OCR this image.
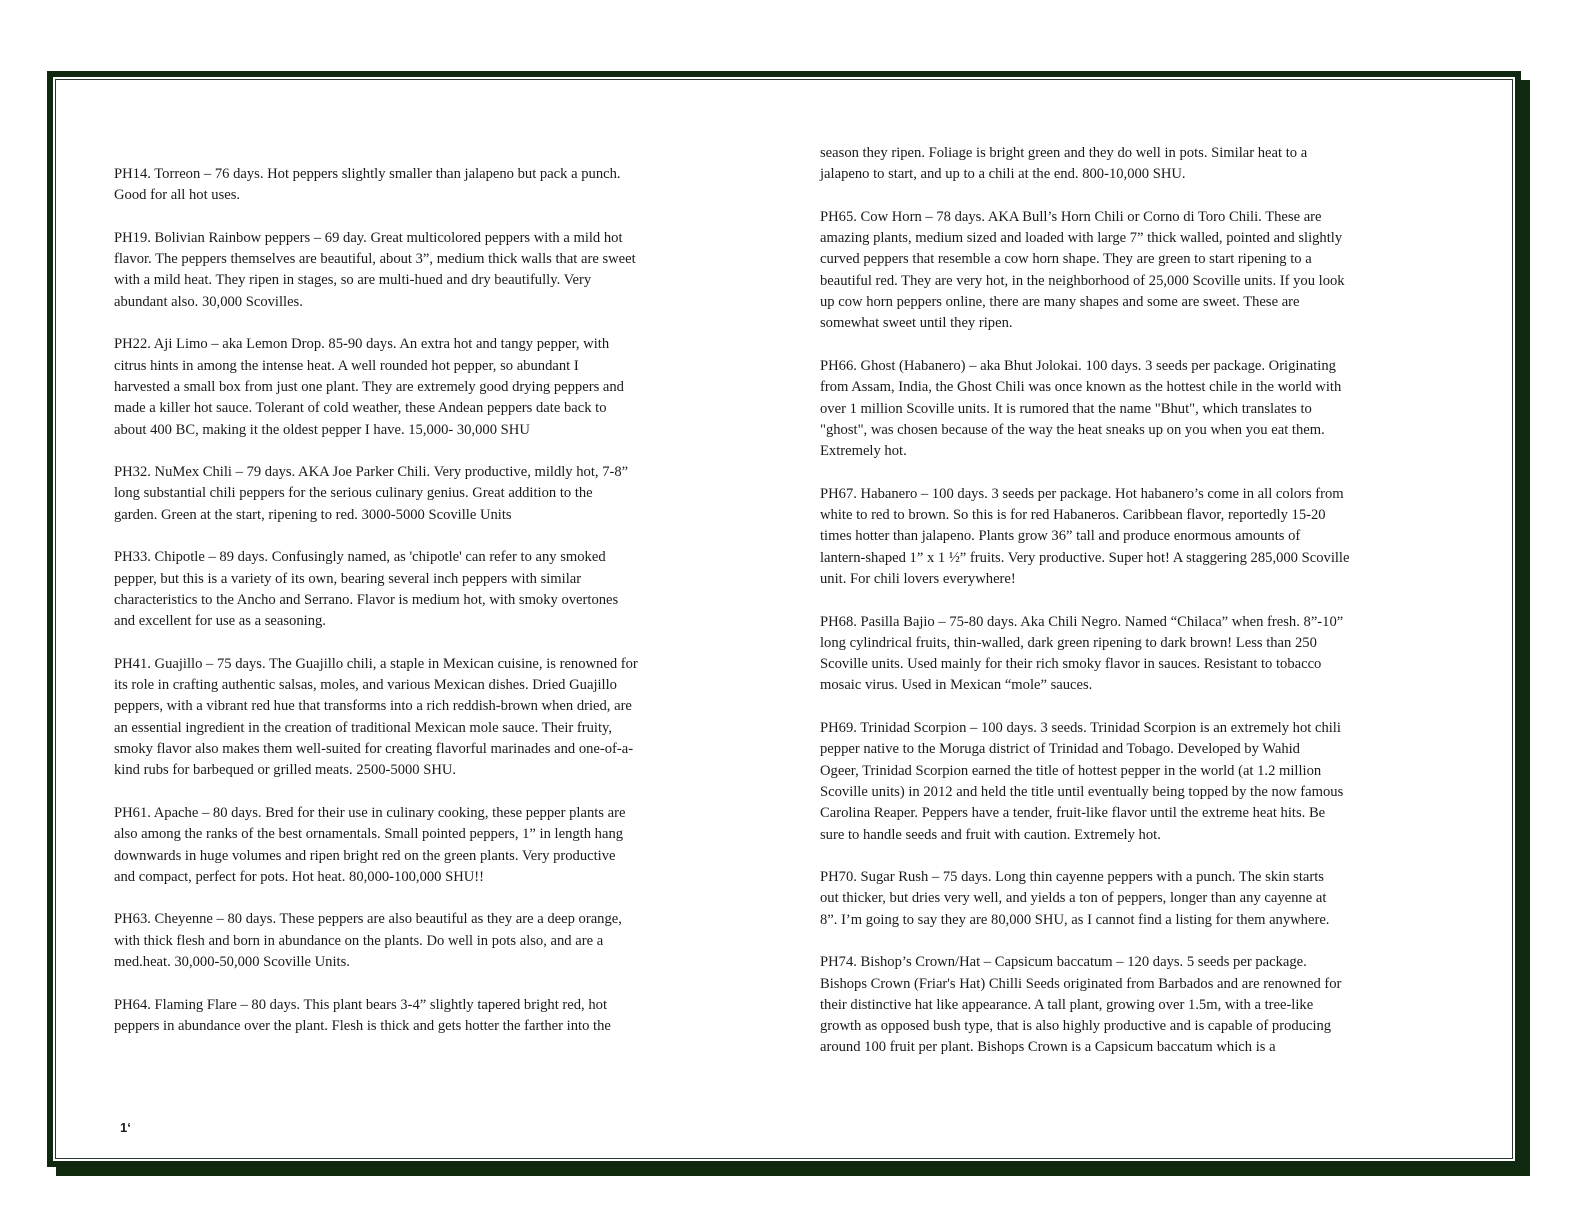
PH14. Torreon – 76 days. Hot peppers slightly smaller than jalapeno but pack a punch.
Good for all hot uses.

PH19. Bolivian Rainbow peppers – 69 day. Great multicolored peppers with a mild hot
flavor. The peppers themselves are beautiful, about 3”, medium thick walls that are sweet
with a mild heat. They ripen in stages, so are multi-hued and dry beautifully. Very
abundant also. 30,000 Scovilles.

PH22. Aji Limo – aka Lemon Drop. 85-90 days. An extra hot and tangy pepper, with
citrus hints in among the intense heat. A well rounded hot pepper, so abundant I
harvested a small box from just one plant. They are extremely good drying peppers and
made a killer hot sauce. Tolerant of cold weather, these Andean peppers date back to
about 400 BC, making it the oldest pepper I have. 15,000- 30,000 SHU

PH32. NuMex Chili – 79 days. AKA Joe Parker Chili. Very productive, mildly hot, 7-8”
long substantial chili peppers for the serious culinary genius. Great addition to the
garden. Green at the start, ripening to red. 3000-5000 Scoville Units

PH33. Chipotle – 89 days. Confusingly named, as 'chipotle' can refer to any smoked
pepper, but this is a variety of its own, bearing several inch peppers with similar
characteristics to the Ancho and Serrano. Flavor is medium hot, with smoky overtones
and excellent for use as a seasoning.

PH41. Guajillo – 75 days. The Guajillo chili, a staple in Mexican cuisine, is renowned for
its role in crafting authentic salsas, moles, and various Mexican dishes. Dried Guajillo
peppers, with a vibrant red hue that transforms into a rich reddish-brown when dried, are
an essential ingredient in the creation of traditional Mexican mole sauce. Their fruity,
smoky flavor also makes them well-suited for creating flavorful marinades and one-of-a-
kind rubs for barbequed or grilled meats. 2500-5000 SHU.

PH61. Apache – 80 days. Bred for their use in culinary cooking, these pepper plants are
also among the ranks of the best ornamentals. Small pointed peppers, 1” in length hang
downwards in huge volumes and ripen bright red on the green plants. Very productive
and compact, perfect for pots. Hot heat. 80,000-100,000 SHU!!

PH63. Cheyenne – 80 days. These peppers are also beautiful as they are a deep orange,
with thick flesh and born in abundance on the plants. Do well in pots also, and are a
med.heat. 30,000-50,000 Scoville Units.

PH64. Flaming Flare – 80 days. This plant bears 3-4” slightly tapered bright red, hot
peppers in abundance over the plant. Flesh is thick and gets hotter the farther into the

season they ripen. Foliage is bright green and they do well in pots. Similar heat to a
jalapeno to start, and up to a chili at the end. 800-10,000 SHU.

PH65. Cow Horn – 78 days. AKA Bull’s Horn Chili or Corno di Toro Chili. These are
amazing plants, medium sized and loaded with large 7” thick walled, pointed and slightly
curved peppers that resemble a cow horn shape. They are green to start ripening to a
beautiful red. They are very hot, in the neighborhood of 25,000 Scoville units. If you look
up cow horn peppers online, there are many shapes and some are sweet. These are
somewhat sweet until they ripen.

PH66. Ghost (Habanero) – aka Bhut Jolokai. 100 days. 3 seeds per package. Originating
from Assam, India, the Ghost Chili was once known as the hottest chile in the world with
over 1 million Scoville units. It is rumored that the name "Bhut", which translates to
"ghost", was chosen because of the way the heat sneaks up on you when you eat them.
Extremely hot.

PH67. Habanero – 100 days. 3 seeds per package. Hot habanero’s come in all colors from
white to red to brown. So this is for red Habaneros. Caribbean flavor, reportedly 15-20
times hotter than jalapeno. Plants grow 36” tall and produce enormous amounts of
lantern-shaped 1” x 1 ½” fruits. Very productive. Super hot! A staggering 285,000 Scoville
unit. For chili lovers everywhere!

PH68. Pasilla Bajio – 75-80 days. Aka Chili Negro. Named “Chilaca” when fresh. 8”-10”
long cylindrical fruits, thin-walled, dark green ripening to dark brown! Less than 250
Scoville units. Used mainly for their rich smoky flavor in sauces. Resistant to tobacco
mosaic virus. Used in Mexican “mole” sauces.

PH69. Trinidad Scorpion – 100 days. 3 seeds. Trinidad Scorpion is an extremely hot chili
pepper native to the Moruga district of Trinidad and Tobago. Developed by Wahid
Ogeer, Trinidad Scorpion earned the title of hottest pepper in the world (at 1.2 million
Scoville units) in 2012 and held the title until eventually being topped by the now famous
Carolina Reaper. Peppers have a tender, fruit-like flavor until the extreme heat hits. Be
sure to handle seeds and fruit with caution. Extremely hot.

PH70. Sugar Rush – 75 days. Long thin cayenne peppers with a punch. The skin starts
out thicker, but dries very well, and yields a ton of peppers, longer than any cayenne at
8”. I’m going to say they are 80,000 SHU, as I cannot find a listing for them anywhere.

PH74. Bishop’s Crown/Hat – Capsicum baccatum – 120 days. 5 seeds per package.
Bishops Crown (Friar's Hat) Chilli Seeds originated from Barbados and are renowned for
their distinctive hat like appearance. A tall plant, growing over 1.5m, with a tree-like
growth as opposed bush type, that is also highly productive and is capable of producing
around 100 fruit per plant. Bishops Crown is a Capsicum baccatum which is a

1‘
